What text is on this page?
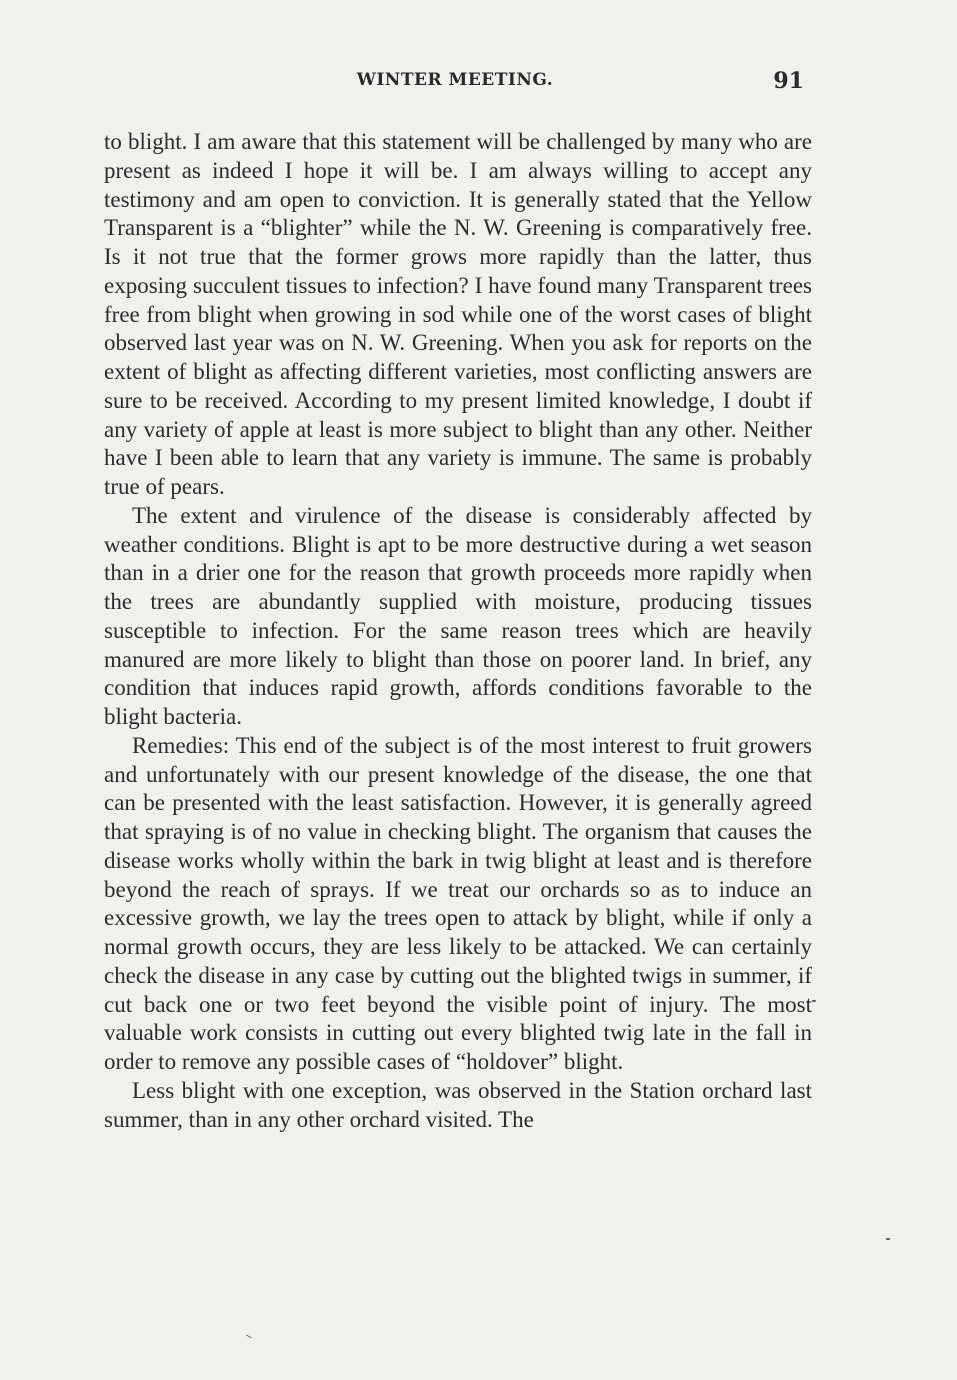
WINTER MEETING.	91

to blight. I am aware that this statement will be challenged by many who are present as indeed I hope it will be. I am always willing to accept any testimony and am open to conviction. It is generally stated that the Yellow Transparent is a “blighter” while the N. W. Greening is comparatively free. Is it not true that the former grows more rapidly than the latter, thus exposing succulent tissues to infection? I have found many Transparent trees free from blight when growing in sod while one of the worst cases of blight observed last year was on N. W. Greening. When you ask for reports on the extent of blight as affecting different varieties, most conflicting answers are sure to be received. According to my present limited knowledge, I doubt if any variety of apple at least is more subject to blight than any other. Neither have I been able to learn that any variety is immune. The same is probably true of pears.

The extent and virulence of the disease is considerably affected by weather conditions. Blight is apt to be more destructive during a wet season than in a drier one for the reason that growth proceeds more rapidly when the trees are abundantly supplied with moisture, producing tissues susceptible to infection. For the same reason trees which are heavily manured are more likely to blight than those on poorer land. In brief, any condition that induces rapid growth, affords conditions favorable to the blight bacteria.

Remedies: This end of the subject is of the most interest to fruit growers and unfortunately with our present knowledge of the disease, the one that can be presented with the least satisfaction. However, it is generally agreed that spraying is of no value in checking blight. The organism that causes the disease works wholly within the bark in twig blight at least and is therefore beyond the reach of sprays. If we treat our orchards so as to induce an excessive growth, we lay the trees open to attack by blight, while if only a normal growth occurs, they are less likely to be attacked. We can certainly check the disease in any case by cutting out the blighted twigs in summer, if cut back one or two feet beyond the visible point of injury. The most valuable work consists in cutting out every blighted twig late in the fall in order to remove any possible cases of “holdover” blight.

Less blight with one exception, was observed in the Station orchard last summer, than in any other orchard visited. The
